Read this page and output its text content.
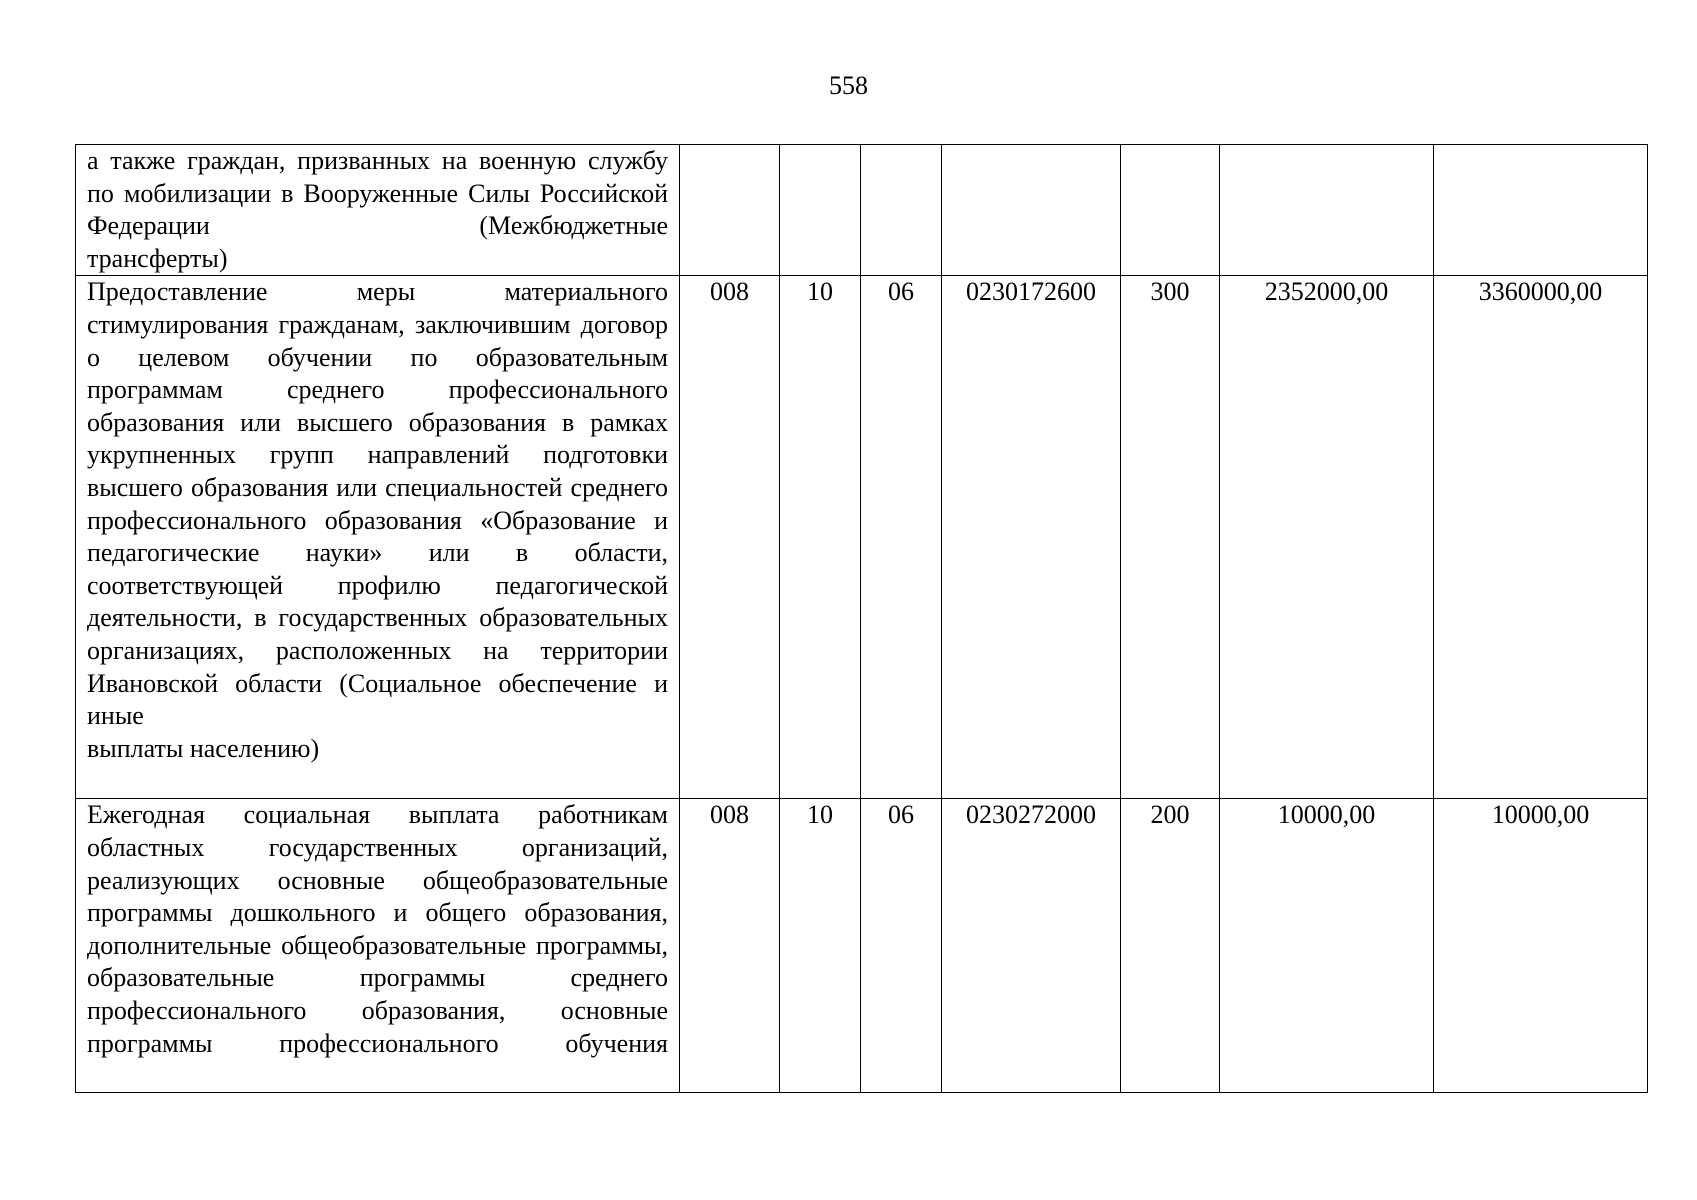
558
а также граждан, призванных на военную службу по мобилизации в Вооруженные Силы Российской Федерации (Межбюджетные
трансферты)							

Предоставление меры материального стимулирования гражданам, заключившим договор о целевом обучении по образовательным программам среднего профессионального образования или высшего образования в рамках укрупненных групп направлений подготовки высшего образования или специальностей среднего профессионального образования «Образование и педагогические науки» или в области, соответствующей профилю педагогической деятельности, в государственных образовательных организациях, расположенных на территории Ивановской области (Социальное обеспечение и иные
выплаты населению)	008	10	06	0230172600	300	2352000,00	3360000,00
Ежегодная социальная выплата работникам областных государственных организаций, реализующих основные общеобразовательные программы дошкольного и общего образования, дополнительные общеобразовательные программы, образовательные программы среднего профессионального образования, основные программы профессионального обучения	008	10	06	0230272000	200	10000,00	10000,00
